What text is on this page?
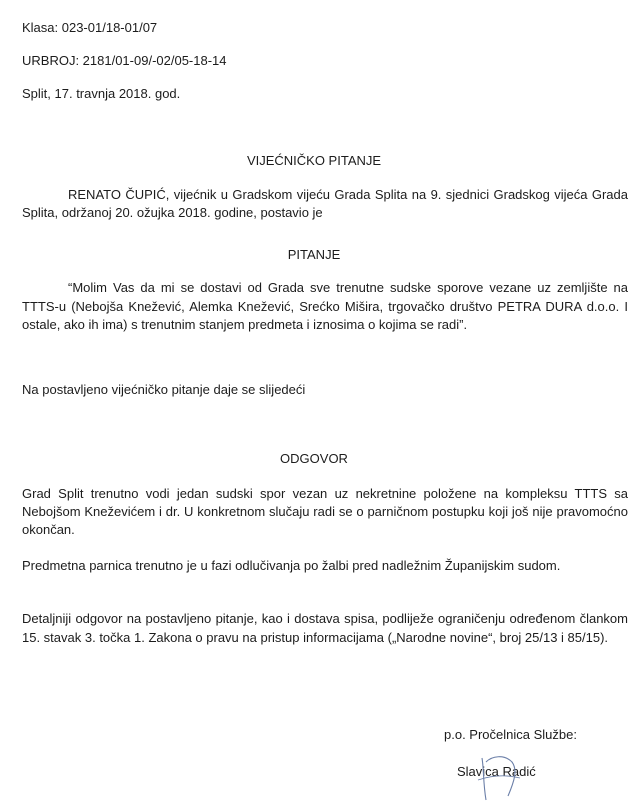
Klasa: 023-01/18-01/07

URBROJ: 2181/01-09/-02/05-18-14

Split, 17. travnja 2018. god.

VIJEĆNIČKO PITANJE

RENATO ČUPIĆ, vijećnik u Gradskom vijeću Grada Splita na 9. sjednici Gradskog vijeća Grada Splita, održanoj 20. ožujka 2018. godine, postavio je

PITANJE

“Molim Vas da mi se dostavi od Grada sve trenutne sudske sporove vezane uz zemljište na TTTS-u (Nebojša Knežević, Alemka Knežević, Srećko Mišira, trgovačko društvo PETRA DURA d.o.o. I ostale, ako ih ima) s trenutnim stanjem predmeta i iznosima o kojima se radi”.

Na postavljeno vijećničko pitanje daje se slijedeći

ODGOVOR

Grad Split trenutno vodi jedan sudski spor vezan uz nekretnine položene na kompleksu TTTS sa Nebojšom Kneževićem i dr. U konkretnom slučaju radi se o parničnom postupku koji još nije pravomoćno okončan.

Predmetna parnica trenutno je u fazi odlučivanja po žalbi pred nadležnim Županijskim sudom.

Detaljniji odgovor na postavljeno pitanje, kao i dostava spisa, podliježe ograničenju određenom člankom 15. stavak 3. točka 1. Zakona o pravu na pristup informacijama („Narodne novine“, broj 25/13 i 85/15).

p.o. Pročelnica Službe:

Slavica Radić
